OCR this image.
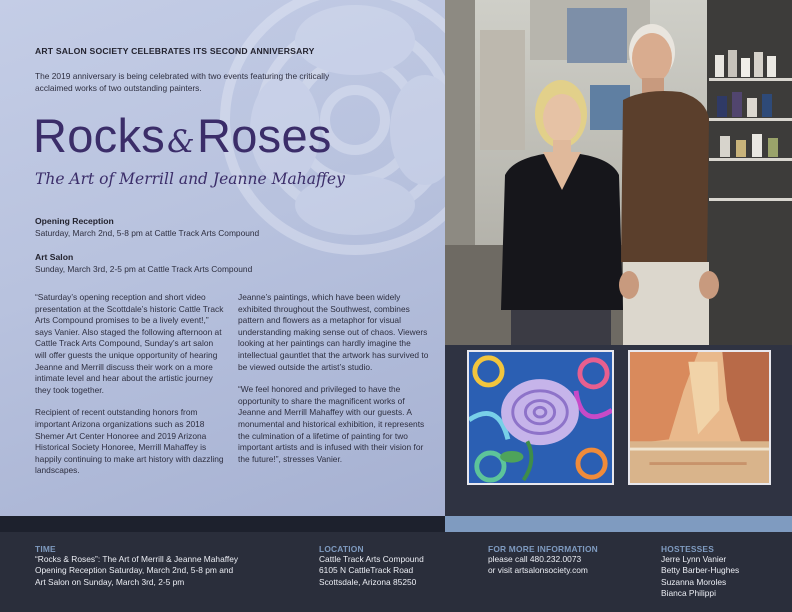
ART SALON SOCIETY CELEBRATES ITS SECOND ANNIVERSARY
The 2019 anniversary is being celebrated with two events featuring the critically acclaimed works of two outstanding painters.
Rocks&Roses
The Art of Merrill and Jeanne Mahaffey
Opening Reception
Saturday, March 2nd, 5-8 pm at Cattle Track Arts Compound
Art Salon
Sunday, March 3rd, 2-5 pm at Cattle Track Arts Compound

“Saturday’s opening reception and short video presentation at the Scottdale’s historic Cattle Track Arts Compound promises to be a lively event!,” says Vanier. Also staged the following afternoon at Cattle Track Arts Compound, Sunday’s art salon will offer guests the unique opportunity of hearing Jeanne and Merrill discuss their work on a more intimate level and hear about the artistic journey they took together.

Recipient of recent outstanding honors from important Arizona organizations such as 2018 Shemer Art Center Honoree and 2019 Arizona Historical Society Honoree, Merrill Mahaffey is happily continuing to make art history with dazzling landscapes.

Jeanne’s paintings, which have been widely exhibited throughout the Southwest, combines pattern and flowers as a metaphor for visual understanding making sense out of chaos. Viewers looking at her paintings can hardly imagine the intellectual gauntlet that the artwork has survived to be viewed outside the artist’s studio.

“We feel honored and privileged to have the opportunity to share the magnificent works of Jeanne and Merrill Mahaffey with our guests. A monumental and historical exhibition, it represents the culmination of a lifetime of painting for two important artists and is infused with their vision for the future!”, stresses Vanier.

TIME
“Rocks & Roses”: The Art of Merrill & Jeanne Mahaffey
Opening Reception Saturday, March 2nd, 5-8 pm and
Art Salon on Sunday, March 3rd, 2-5 pm
LOCATION
Cattle Track Arts Compound
6105 N CattleTrack Road
Scottsdale, Arizona 85250
FOR MORE INFORMATION
please call 480.232.0073
or visit artsalonsociety.com
HOSTESSES
Jerre Lynn Vanier
Betty Barber-Hughes
Suzanna Moroles
Bianca Philippi
